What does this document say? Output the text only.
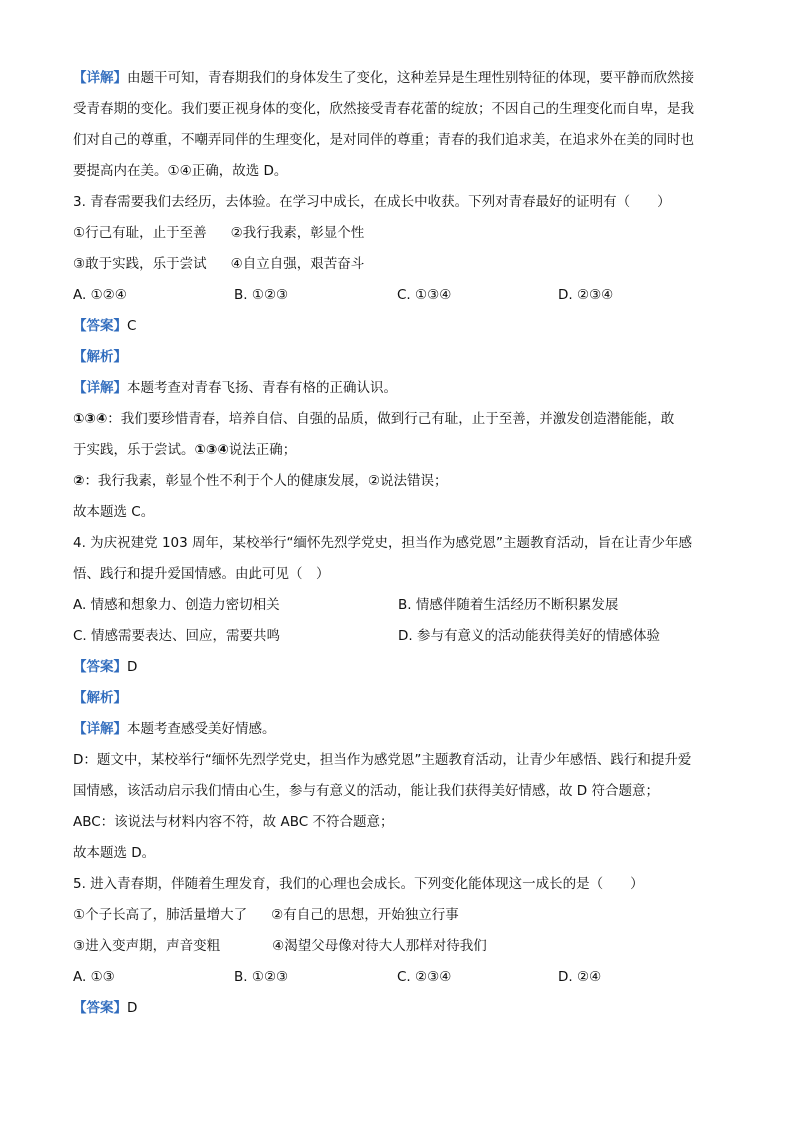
【详解】由题干可知，青春期我们的身体发生了变化，这种差异是生理性别特征的体现，要平静而欣然接
受青春期的变化。我们要正视身体的变化，欣然接受青春花蕾的绽放；不因自己的生理变化而自卑，是我
们对自己的尊重，不嘲弄同伴的生理变化，是对同伴的尊重；青春的我们追求美，在追求外在美的同时也
要提高内在美。①④正确，故选 D。
3. 青春需要我们去经历，去体验。在学习中成长，在成长中收获。下列对青春最好的证明有（　　）
①行己有耻，止于至善 ②我行我素，彰显个性
③敢于实践，乐于尝试 ④自立自强，艰苦奋斗
A. ①②④	B. ①②③	C. ①③④	D. ②③④
【答案】C
【解析】
【详解】本题考查对青春飞扬、青春有格的正确认识。
①③④：我们要珍惜青春，培养自信、自强的品质，做到行己有耻，止于至善，并激发创造潜能能，敢
于实践，乐于尝试。①③④说法正确；
②：我行我素，彰显个性不利于个人的健康发展，②说法错误；
故本题选 C。
4. 为庆祝建党 103 周年，某校举行“缅怀先烈学党史，担当作为感党恩”主题教育活动，旨在让青少年感
悟、践行和提升爱国情感。由此可见（　）
A. 情感和想象力、创造力密切相关	B. 情感伴随着生活经历不断积累发展
C. 情感需要表达、回应，需要共鸣	D. 参与有意义的活动能获得美好的情感体验
【答案】D
【解析】
【详解】本题考查感受美好情感。
D：题文中，某校举行“缅怀先烈学党史，担当作为感党恩”主题教育活动，让青少年感悟、践行和提升爱
国情感，该活动启示我们情由心生，参与有意义的活动，能让我们获得美好情感，故 D 符合题意；
ABC：该说法与材料内容不符，故 ABC 不符合题意；
故本题选 D。
5. 进入青春期，伴随着生理发育，我们的心理也会成长。下列变化能体现这一成长的是（　　）
①个子长高了，肺活量增大了 ②有自己的思想，开始独立行事
③进入变声期，声音变粗	④渴望父母像对待大人那样对待我们
A. ①③	B. ①②③	C. ②③④	D. ②④
【答案】D
